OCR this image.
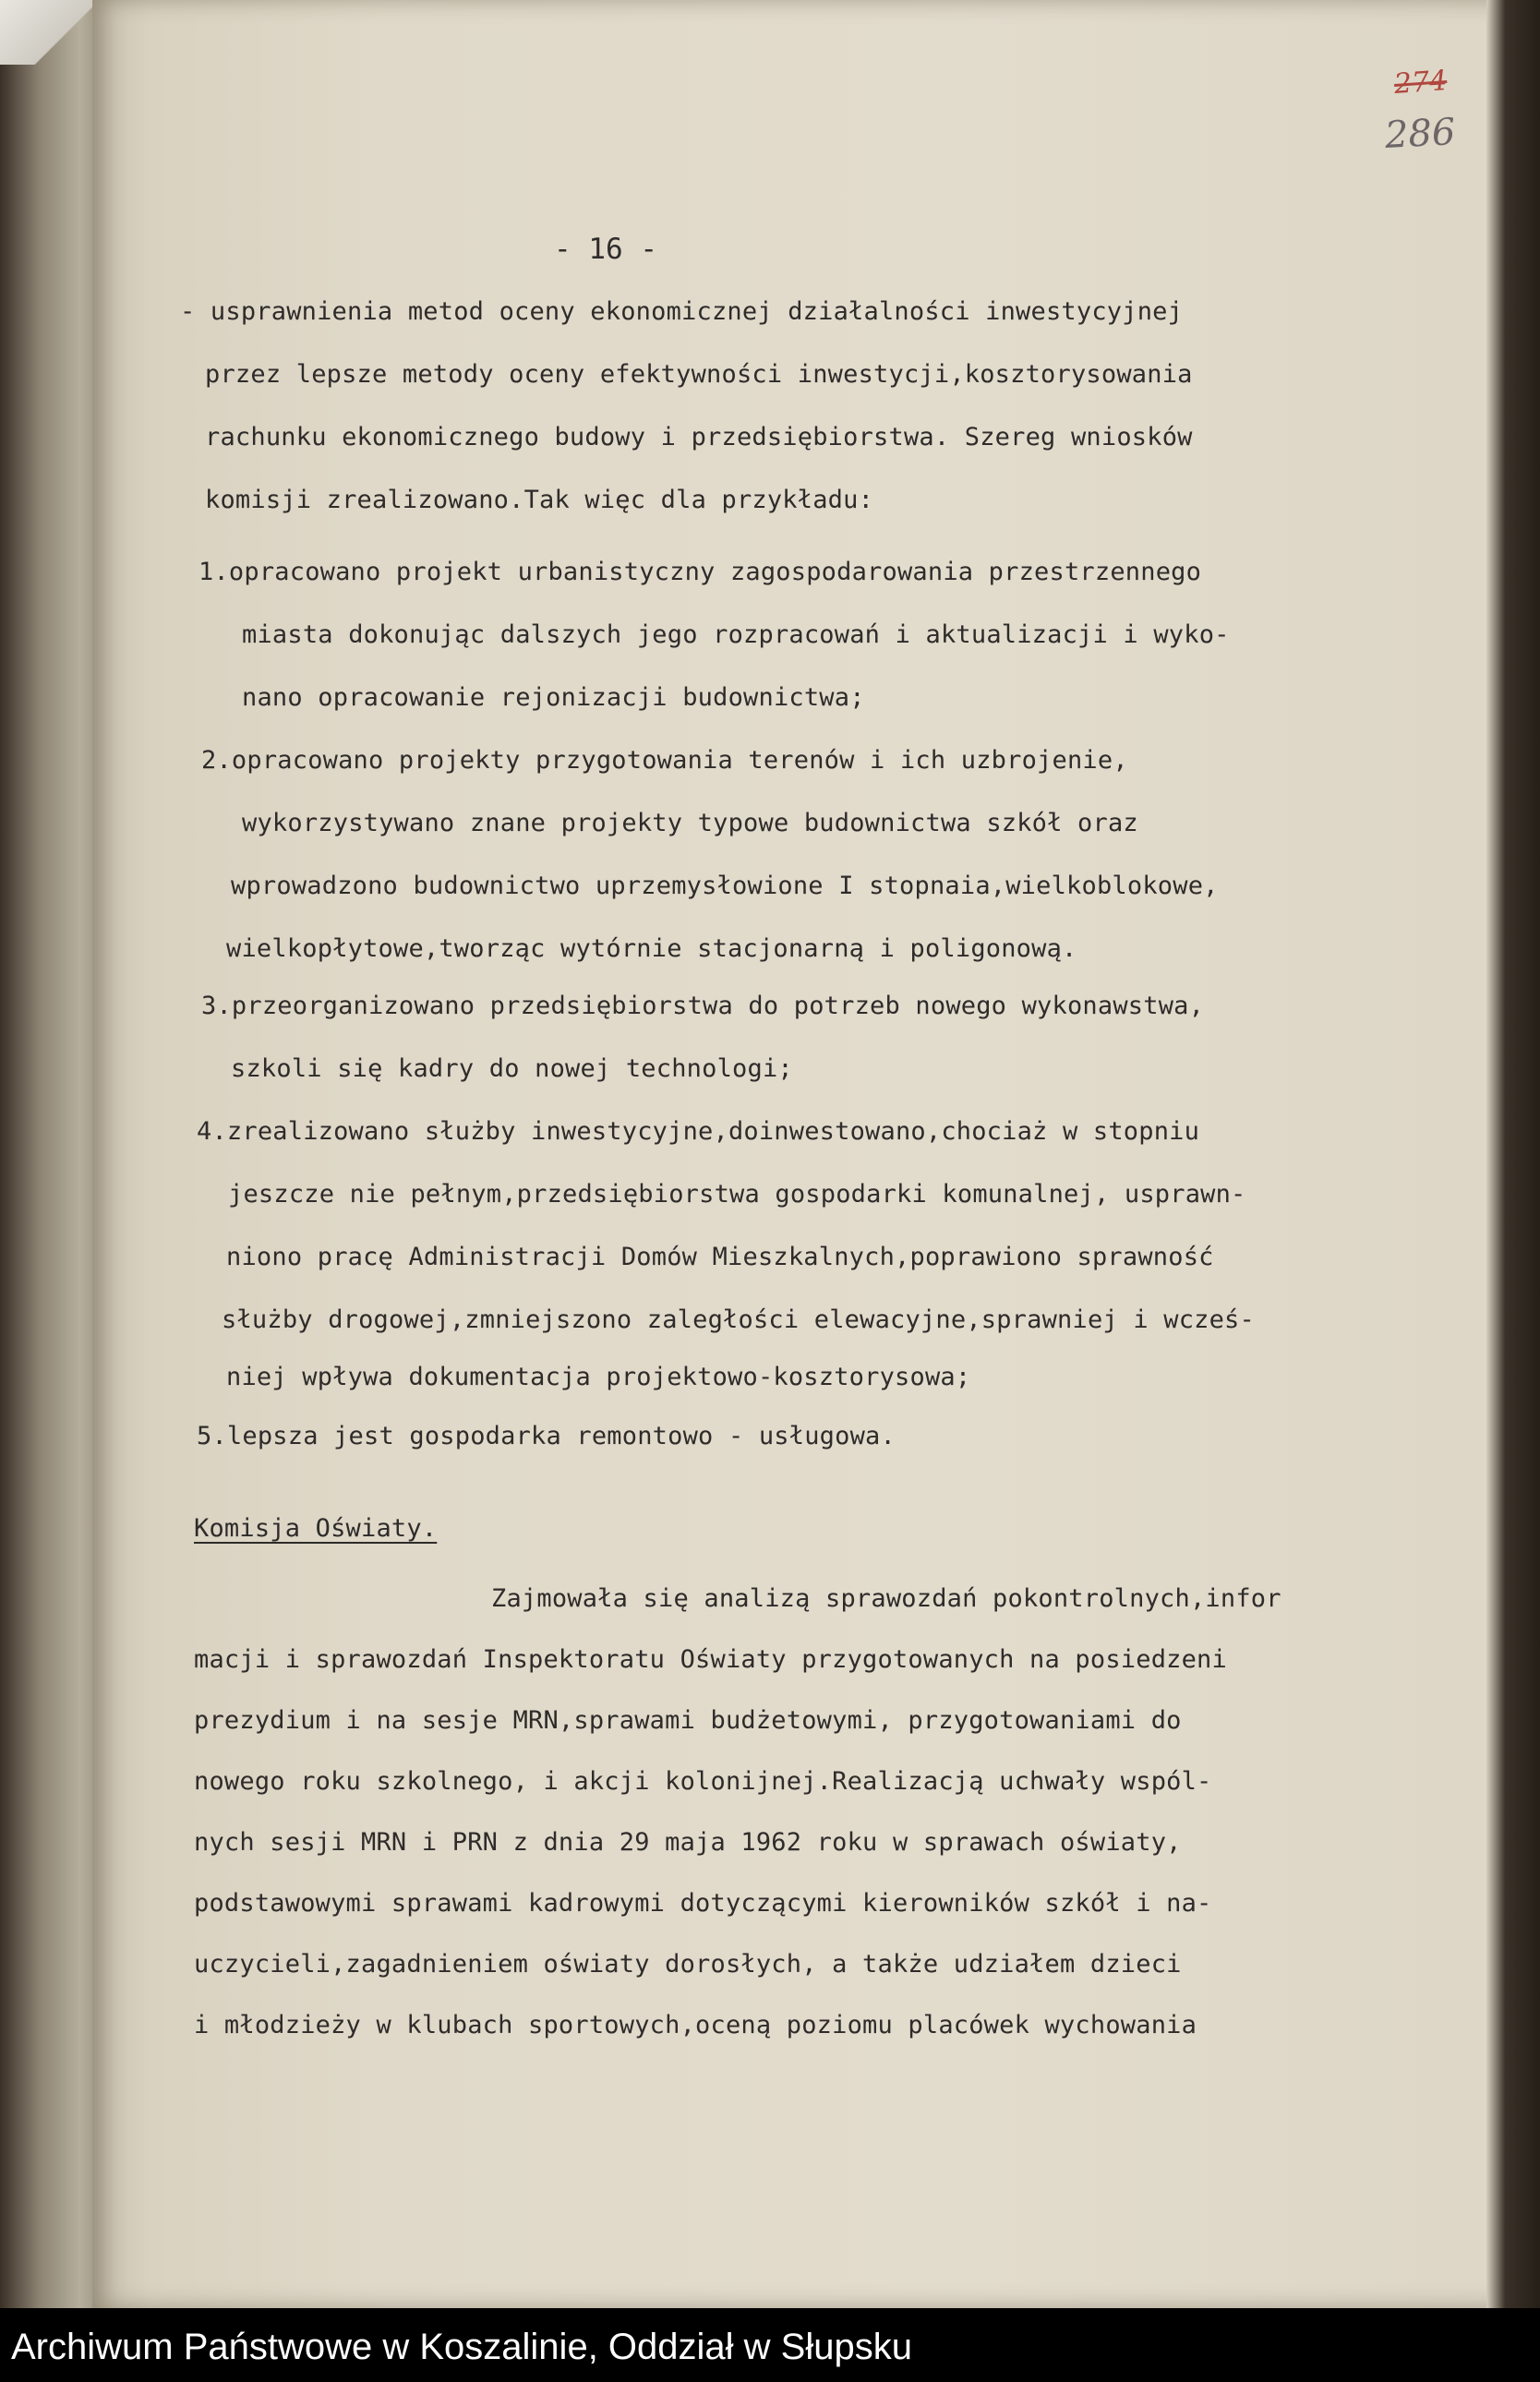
274
286
- 16 -
- usprawnienia metod oceny ekonomicznej działalności inwestycyjnej
przez lepsze metody oceny efektywności inwestycji,kosztorysowania
rachunku ekonomicznego budowy i przedsiębiorstwa. Szereg wniosków
komisji zrealizowano.Tak więc dla przykładu:
1.opracowano projekt urbanistyczny zagospodarowania przestrzennego
miasta dokonując dalszych jego rozpracowań i aktualizacji i wyko-
nano opracowanie rejonizacji budownictwa;
2.opracowano projekty przygotowania terenów i ich uzbrojenie,
wykorzystywano znane projekty typowe budownictwa szkół oraz
wprowadzono budownictwo uprzemysłowione I stopnaia,wielkoblokowe,
wielkopłytowe,tworząc wytórnie stacjonarną i poligonową.
3.przeorganizowano przedsiębiorstwa do potrzeb nowego wykonawstwa,
szkoli się kadry do nowej technologi;
4.zrealizowano służby inwestycyjne,doinwestowano,chociaż w stopniu
jeszcze nie pełnym,przedsiębiorstwa gospodarki komunalnej, usprawn-
niono pracę Administracji Domów Mieszkalnych,poprawiono sprawność
służby drogowej,zmniejszono zaległości elewacyjne,sprawniej i wcześ-
niej wpływa dokumentacja projektowo-kosztorysowa;
5.lepsza jest gospodarka remontowo - usługowa.
Komisja Oświaty.
Zajmowała się analizą sprawozdań pokontrolnych,infor
macji i sprawozdań Inspektoratu Oświaty przygotowanych na posiedzeni
prezydium i na sesje MRN,sprawami budżetowymi, przygotowaniami do
nowego roku szkolnego, i akcji kolonijnej.Realizacją uchwały wspól-
nych sesji MRN i PRN z dnia 29 maja 1962 roku w sprawach oświaty,
podstawowymi sprawami kadrowymi dotyczącymi kierowników szkół i na-
uczycieli,zagadnieniem oświaty dorosłych, a także udziałem dzieci
i młodzieży w klubach sportowych,oceną poziomu placówek wychowania
Archiwum Państwowe w Koszalinie, Oddział w Słupsku
